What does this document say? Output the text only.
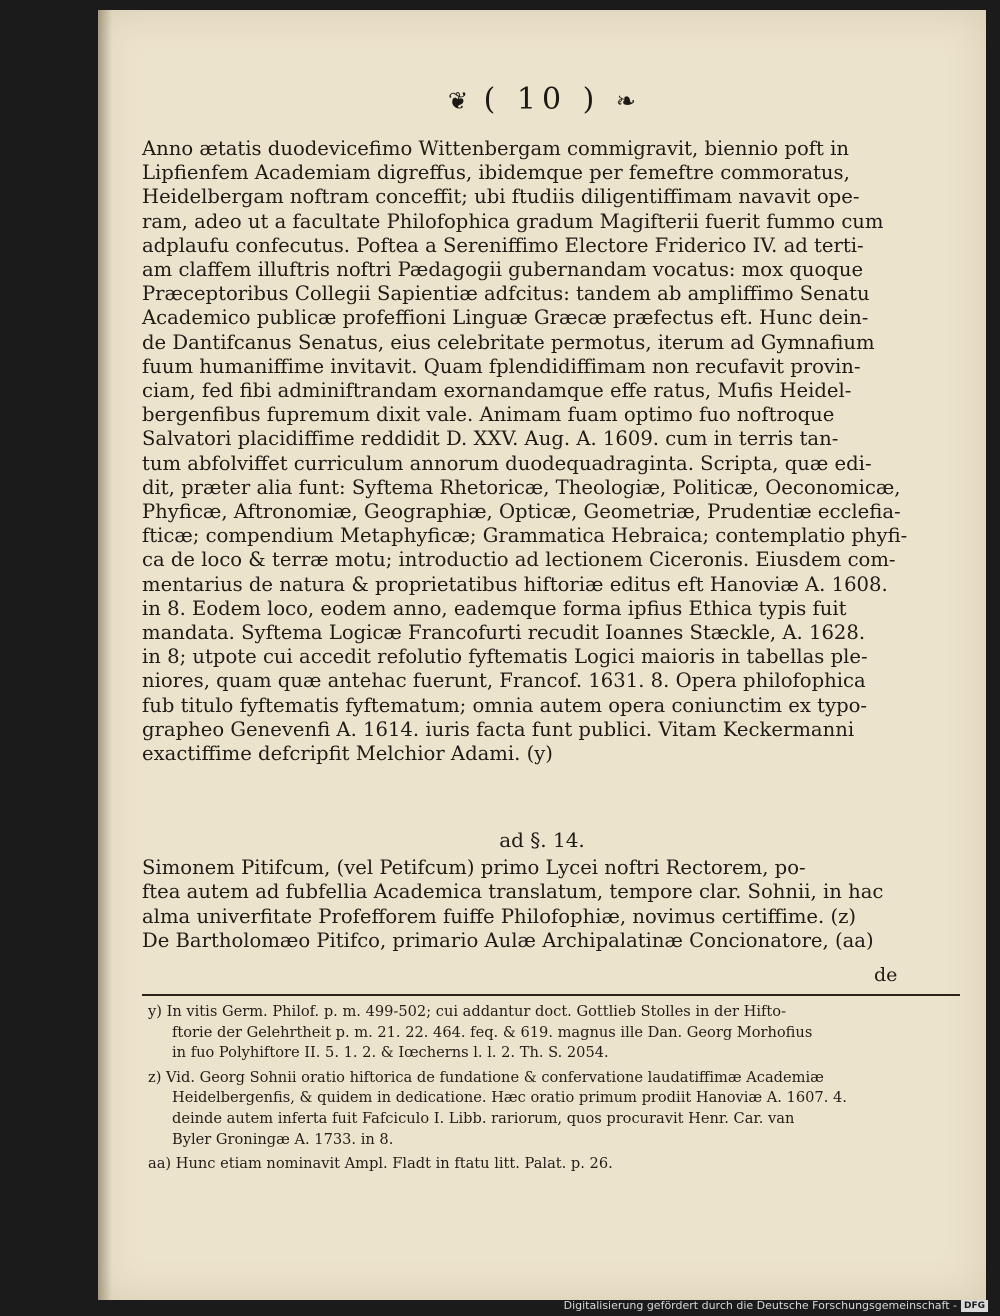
❦ ( 10 ) ❧
Anno ætatis duodevicefimo Wittenbergam commigravit, biennio poft in
Lipfienfem Academiam digreffus, ibidemque per femeftre commoratus,
Heidelbergam noftram conceffit; ubi ftudiis diligentiffimam navavit ope-
ram, adeo ut a facultate Philofophica gradum Magifterii fuerit fummo cum
adplaufu confecutus. Poftea a Sereniffimo Electore Friderico IV. ad terti-
am claffem illuftris noftri Pædagogii gubernandam vocatus: mox quoque
Præceptoribus Collegii Sapientiæ adfcitus: tandem ab ampliffimo Senatu
Academico publicæ profeffioni Linguæ Græcæ præfectus eft. Hunc dein-
de Dantifcanus Senatus, eius celebritate permotus, iterum ad Gymnafium
fuum humaniffime invitavit. Quam fplendidiffimam non recufavit provin-
ciam, fed fibi adminiftrandam exornandamque effe ratus, Mufis Heidel-
bergenfibus fupremum dixit vale. Animam fuam optimo fuo noftroque
Salvatori placidiffime reddidit D. XXV. Aug. A. 1609. cum in terris tan-
tum abfolviffet curriculum annorum duodequadraginta. Scripta, quæ edi-
dit, præter alia funt: Syftema Rhetoricæ, Theologiæ, Politicæ, Oeconomicæ,
Phyficæ, Aftronomiæ, Geographiæ, Opticæ, Geometriæ, Prudentiæ ecclefia-
fticæ; compendium Metaphyficæ; Grammatica Hebraica; contemplatio phyfi-
ca de loco & terræ motu; introductio ad lectionem Ciceronis. Eiusdem com-
mentarius de natura & proprietatibus hiftoriæ editus eft Hanoviæ A. 1608.
in 8. Eodem loco, eodem anno, eademque forma ipfius Ethica typis fuit
mandata. Syftema Logicæ Francofurti recudit Ioannes Stæckle, A. 1628.
in 8; utpote cui accedit refolutio fyftematis Logici maioris in tabellas ple-
niores, quam quæ antehac fuerunt, Francof. 1631. 8. Opera philofophica
fub titulo fyftematis fyftematum; omnia autem opera coniunctim ex typo-
grapheo Genevenfi A. 1614. iuris facta funt publici. Vitam Keckermanni
exactiffime defcripfit Melchior Adami. (y)
ad §. 14.
Simonem Pitifcum, (vel Petifcum) primo Lycei noftri Rectorem, po-
ftea autem ad fubfellia Academica translatum, tempore clar. Sohnii, in hac
alma univerfitate Profefforem fuiffe Philofophiæ, novimus certiffime. (z)
De Bartholomæo Pitifco, primario Aulæ Archipalatinæ Concionatore, (aa)
de
y) In vitis Germ. Philof. p. m. 499-502; cui addantur doct. Gottlieb Stolles in der Hifto-
ftorie der Gelehrtheit p. m. 21. 22. 464. feq. & 619. magnus ille Dan. Georg Morhofius
in fuo Polyhiftore II. 5. 1. 2. & Iœcherns l. l. 2. Th. S. 2054.
z) Vid. Georg Sohnii oratio hiftorica de fundatione & confervatione laudatiffimæ Academiæ
Heidelbergenfis, & quidem in dedicatione. Hæc oratio primum prodiit Hanoviæ A. 1607. 4.
deinde autem inferta fuit Fafciculo I. Libb. rariorum, quos procuravit Henr. Car. van
Byler Groningæ A. 1733. in 8.
aa) Hunc etiam nominavit Ampl. Fladt in ftatu litt. Palat. p. 26.
Digitalisierung gefördert durch die Deutsche Forschungsgemeinschaft - DFG
